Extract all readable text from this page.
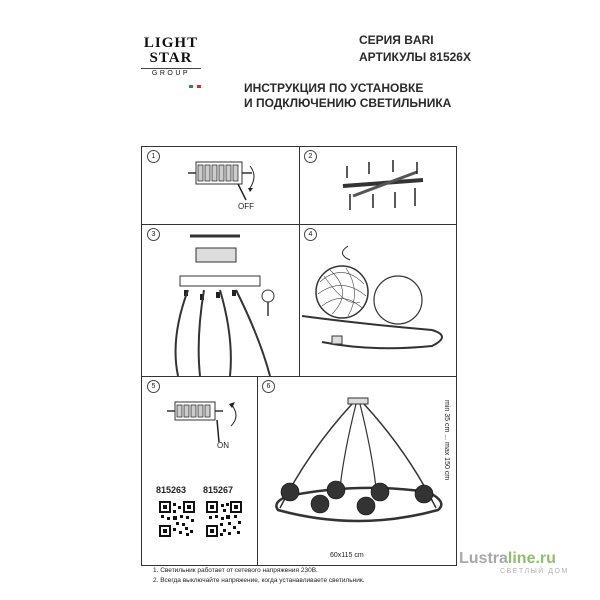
LIGHT
STAR
GROUP
СЕРИЯ BARI
АРТИКУЛЫ 81526X
ИНСТРУКЦИЯ ПО УСТАНОВКЕ
И ПОДКЛЮЧЕНИЮ СВЕТИЛЬНИКА
1	2
3	4
5	6
OFF
ON
815263 815267
min 35 cm ... max 150 cm
60x115 cm
1. Светильник работает от сетевого напряжения 230В.
2. Всегда выключайте напряжение, когда устанавливаете светильник.
Lustraline.ru
СВЕТЛЫЙ ДОМ
